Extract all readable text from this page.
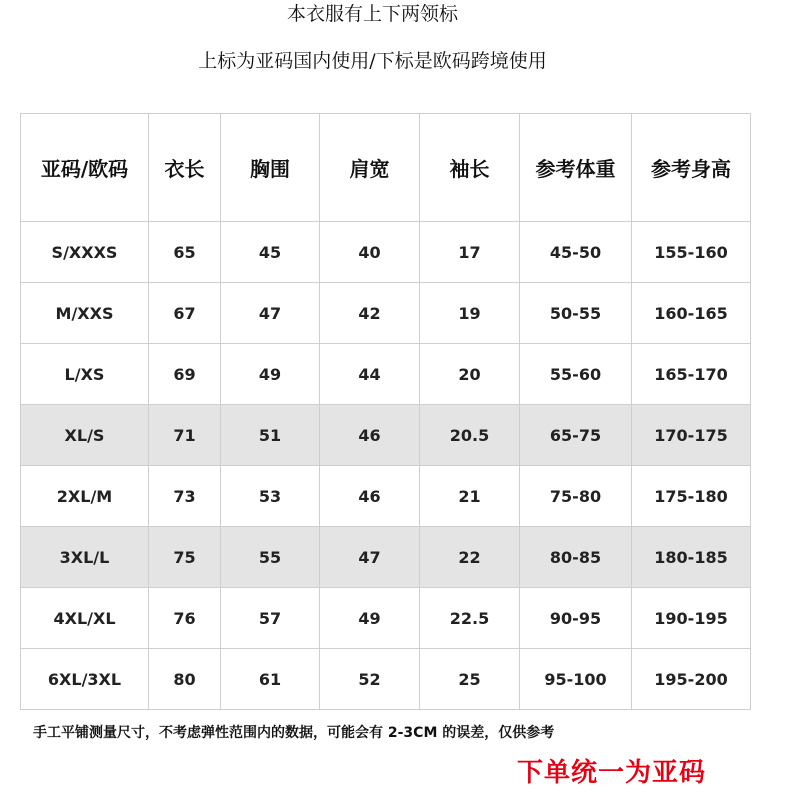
本衣服有上下两领标
上标为亚码国内使用/下标是欧码跨境使用
亚码/欧码	衣长	胸围	肩宽	袖长	参考体重	参考身高
S/XXXS	65	45	40	17	45-50	155-160
M/XXS	67	47	42	19	50-55	160-165
L/XS	69	49	44	20	55-60	165-170
XL/S	71	51	46	20.5	65-75	170-175
2XL/M	73	53	46	21	75-80	175-180
3XL/L	75	55	47	22	80-85	180-185
4XL/XL	76	57	49	22.5	90-95	190-195
6XL/3XL	80	61	52	25	95-100	195-200
手工平铺测量尺寸，不考虑弹性范围内的数据，可能会有 2-3CM 的误差，仅供参考
下单统一为亚码
